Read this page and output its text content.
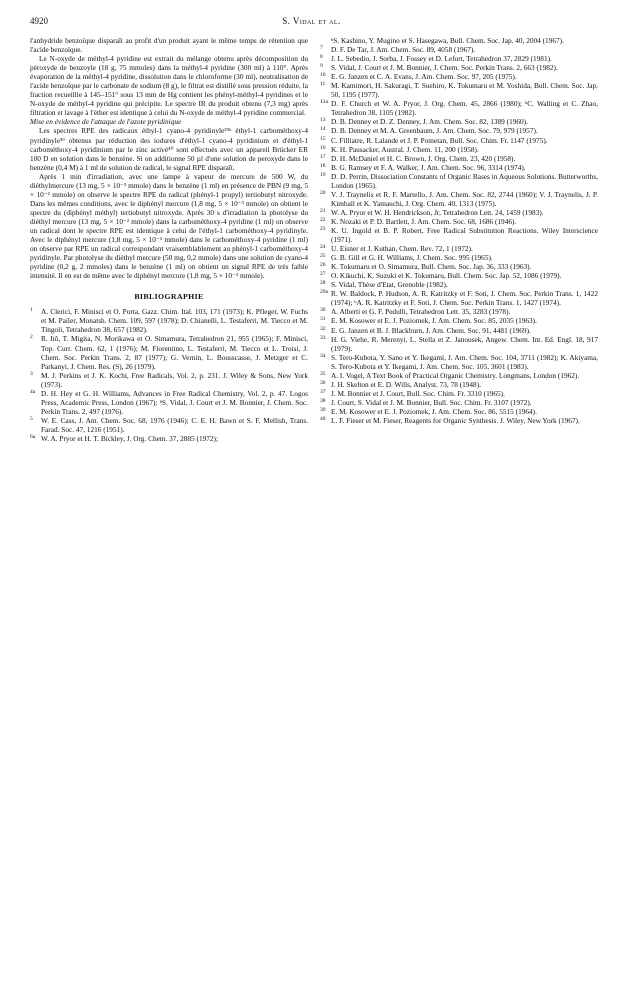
4920	S. Vidal et al.

l'anhydride benzoïque disparaît au profit d'un produit ayant le même temps de rétention que l'acide benzoïque.

Le N-oxyde de méthyl-4 pyridine est extrait du mélange obtenu après décomposition du péroxyde de benzoyle (18 g, 75 mmoles) dans la méthyl-4 pyridine (300 ml) à 110°. Après évaporation de la méthyl-4 pyridine, dissolution dans le chloroforme (30 ml), neutralisation de l'acide benzoïque par le carbonate de sodium (8 g), le filtrat est distillé sous pression réduite, la fraction recueillie à 145–151° sous 13 mm de Hg contient les phényl-méthyl-4 pyridines et le N-oxyde de méthyl-4 pyridine qui précipite. Le spectre IR du produit obtenu (7,3 mg) après filtration et lavage à l'éther est identique à celui du N-oxyde de méthyl-4 pyridine commercial.

Mise en évidence de l'attaque de l'azote pyridinique

Les spectres RPE des radicaux éthyl-1 cyano-4 pyridinyle²⁹ᵇ éthyl-1 carbométhoxy-4 pyridinyle³⁹ obtenus par réduction des iodures d'éthyl-1 cyano-4 pyridinium et d'éthyl-1 carbométhoxy-4 pyridinium par le zinc activé⁴⁰ sont effectués avec un appareil Brücker ER 100 D en solution dans le benzène. Si on additionne 50 µl d'une solution de peroxyde dans le benzène (0,4 M) à 1 ml de solution de radical, le signal RPE disparaît.

Après 1 min d'irradiation, avec une lampe à vapeur de mercure de 500 W, du diéthylmercure (13 mg, 5 × 10⁻² mmole) dans le benzène (1 ml) en présence de PBN (9 mg, 5 × 10⁻² mmole) on observe le spectre RPE du radical (phényl-1 propyl) tertiobutyl nitroxyde. Dans les mêmes conditions, avec le diphényl mercure (1,8 mg, 5 × 10⁻³ mmole) on obtient le spectre du (diphényl méthyl) tertiobutyl nitroxyde. Après 30 s d'irradiation la photolyse du diéthyl mercure (13 mg, 5 × 10⁻² mmole) dans la carbométhoxy-4 pyridine (1 ml) on observe un radical dont le spectre RPE est identique à celui de l'éthyl-1 carbométhoxy-4 pyridinyle. Avec le diphényl mercure (1,8 mg, 5 × 10⁻³ mmole) dans le carbométhoxy-4 pyridine (1 ml) on observe par RPE un radical correspondant vraisemblablement au phényl-1 carbométhoxy-4 pyridinyle. Par photolyse du diéthyl mercure (50 mg, 0,2 mmole) dans une solution de cyano-4 pyridine (0,2 g, 2 mmoles) dans le benzène (1 ml) on obtient un signal RPE de très faible intensité. Il en est de même avec le diphényl mercure (1,8 mg, 5 × 10⁻³ mmole).

BIBLIOGRAPHIE
1 A. Clerici, F. Minisci et O. Porta, Gazz. Chim. Ital. 103, 171 (1973); K. Pfleger, W. Fuchs et M. Pailer, Monatsh. Chem. 109, 597 (1978); D. Chianelli, L. Testaferri, M. Tiecco et M. Tingoli, Tetrahedron 38, 657 (1982).
2 R. Itô, T. Migita, N. Morikawa et O. Simamura, Tetrahedron 21, 955 (1965); F. Minisci, Top. Curr. Chem. 62, 1 (1976); M. Fiorentino, L. Testaferri, M. Tiecco et L. Troisi, J. Chem. Soc. Perkin Trans. 2, 87 (1977); G. Vernin, L. Bousscasse, J. Metzger et C. Parkanyi, J. Chem. Res. (S), 26 (1979).
3 M. J. Perkins et J. K. Kochi, Free Radicals, Vol. 2, p. 231. J. Wiley & Sons, New York (1973).
4a D. H. Hey et G. H. Williams, Advances in Free Radical Chemistry, Vol. 2, p. 47. Logos Press, Academic Press, London (1967); ᵇS. Vidal, J. Court et J. M. Bonnier, J. Chem. Soc. Perkin Trans. 2, 497 (1976).
5 W. E. Cass, J. Am. Chem. Soc. 68, 1976 (1946); C. E. H. Bawn et S. F. Mellish, Trans. Farad. Soc. 47, 1216 (1951).
6a W. A. Pryor et H. T. Bickley, J. Org. Chem. 37, 2885 (1972);
ᵇS. Kashino, Y. Mugino et S. Hasegawa, Bull. Chem. Soc. Jap. 40, 2004 (1967).
7 D. F. De Tar, J. Am. Chem. Soc. 89, 4058 (1967).
8 J. L. Sebedio, J. Sorba, J. Fossey et D. Lefort, Tetrahedron 37, 2829 (1981).
9 S. Vidal, J. Court et J. M. Bonnier, J. Chem. Soc. Perkin Trans. 2, 663 (1982).
10 E. G. Janzen et C. A. Evans, J. Am. Chem. Soc. 97, 205 (1975).
11 M. Kamimori, H. Sakuragi, T. Suehiro, K. Tokumaru et M. Yoshida, Bull. Chem. Soc. Jap. 50, 1195 (1977).
12a D. F. Church et W. A. Pryor, J. Org. Chem. 45, 2866 (1980); ᵇC. Walling et C. Zhao, Tetrahedron 38, 1105 (1982).
13 D. B. Denney et D. Z. Denney, J. Am. Chem. Soc. 82, 1389 (1960).
14 D. B. Denney et M. A. Greenbaum, J. Am. Chem. Soc. 79, 979 (1957).
15 C. Filliatre, R. Lalande et J. P. Pometan, Bull. Soc. Chim. Fr. 1147 (1975).
16 K. H. Pausacker, Austral. J. Chem. 11, 200 (1958).
17 D. H. McDaniel et H. C. Brown, J. Org. Chem. 23, 420 (1958).
18 B. G. Ramsey et F. A. Walker, J. Am. Chem. Soc. 96, 3314 (1974).
19 D. D. Perrin, Dissociation Constants of Organic Bases in Aqueous Solutions. Butterworths, London (1965).
20 V. J. Traynelis et R. F. Martello, J. Am. Chem. Soc. 82, 2744 (1960); V. J. Traynelis, J. P. Kimball et K. Yamauchi, J. Org. Chem. 40, 1313 (1975).
21 W. A. Pryor et W. H. Hendrickson, Jr, Tetrahedron Lett. 24, 1459 (1983).
22 K. Nozaki et P. D. Bartlett, J. Am. Chem. Soc. 68, 1686 (1946).
23 K. U. Ingold et B. P. Robert, Free Radical Substitution Reactions. Wiley Interscience (1971).
24 U. Eisner et J. Kuthan, Chem. Rev. 72, 1 (1972).
25 G. B. Gill et G. H. Williams, J. Chem. Soc. 995 (1965).
26 K. Tokumaru et O. Simamura, Bull. Chem. Soc. Jap. 36, 333 (1963).
27 O. Kikuchi, K. Suzuki et K. Tokumaru, Bull. Chem. Soc. Jap. 52, 1086 (1979).
28 S. Vidal, Thèse d'Etat, Grenoble (1982).
29a R. W. Baldock, P. Hudson, A. R. Katritzky et F. Soti, J. Chem. Soc. Perkin Trans. 1, 1422 (1974); ᵇA. R. Katritzky et F. Soti, J. Chem. Soc. Perkin Trans. 1, 1427 (1974).
30 A. Alberti et G. F. Pedulli, Tetrahedron Lett. 35, 3283 (1978).
31 E. M. Kosower et E. J. Poziomek, J. Am. Chem. Soc. 85, 2035 (1963).
32 E. G. Janzen et B. J. Blackburn, J. Am. Chem. Soc. 91, 4481 (1969).
33 H. G. Viehe, R. Merenyi, L. Stella et Z. Janousek, Angew. Chem. Int. Ed. Engl. 18, 917 (1979).
34 S. Tero-Kubota, Y. Sano et Y. Ikegami, J. Am. Chem. Soc. 104, 3711 (1982); K. Akiyama, S. Tero-Kubota et Y. Ikegami, J. Am. Chem. Soc. 105, 3601 (1983).
35 A. I. Vogel, A Text Book of Practical Organic Chemistry. Longmans, London (1962).
36 J. H. Skelton et E. D. Wills, Analyst. 73, 78 (1948).
37 J. M. Bonnier et J. Court, Bull. Soc. Chim. Fr. 3310 (1965).
38 J. Court, S. Vidal et J. M. Bonnier, Bull. Soc. Chim. Fr. 3107 (1972).
39 E. M. Kosower et E. J. Poziomek, J. Am. Chem. Soc. 86, 5515 (1964).
40 L. F. Fieser et M. Fieser, Reagents for Organic Synthesis. J. Wiley, New York (1967).
